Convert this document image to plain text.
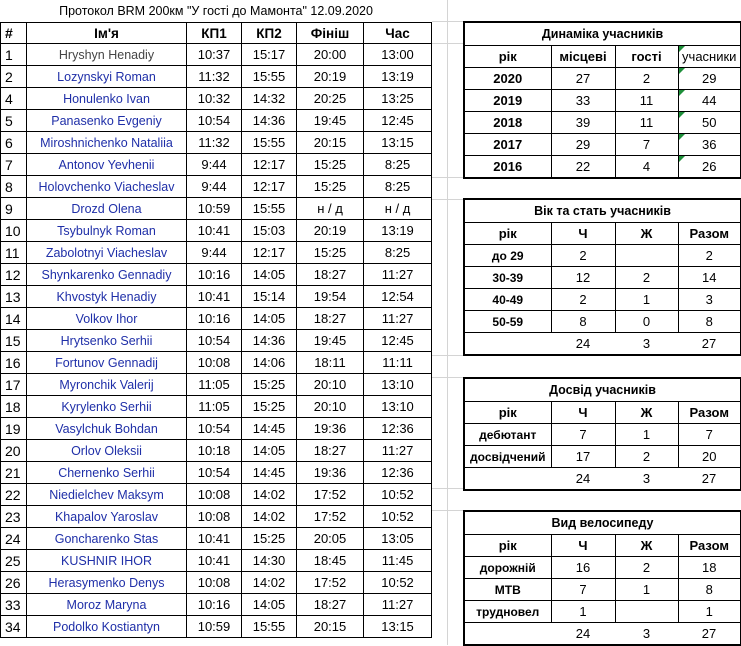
Протокол BRM 200км "У гості до Мамонта" 12.09.2020					
#	Ім'я	КП1	КП2	Фініш	Час
1	Hryshyn Henadiy	10:37	15:17	20:00	13:00
2	Lozynskyi Roman	11:32	15:55	20:19	13:19
4	Honulenko Ivan	10:32	14:32	20:25	13:25
5	Panasenko Evgeniy	10:54	14:36	19:45	12:45
6	Miroshnichenko Nataliia	11:32	15:55	20:15	13:15
7	Antonov Yevhenii	9:44	12:17	15:25	8:25
8	Holovchenko Viacheslav	9:44	12:17	15:25	8:25
9	Drozd Olena	10:59	15:55	н / д	н / д
10	Tsybulnyk Roman	10:41	15:03	20:19	13:19
11	Zabolotnyi Viacheslav	9:44	12:17	15:25	8:25
12	Shynkarenko Gennadiy	10:16	14:05	18:27	11:27
13	Khvostyk Henadiy	10:41	15:14	19:54	12:54
14	Volkov Ihor	10:16	14:05	18:27	11:27
15	Hrytsenko Serhii	10:54	14:36	19:45	12:45
16	Fortunov Gennadij	10:08	14:06	18:11	11:11
17	Myronchik Valerij	11:05	15:25	20:10	13:10
18	Kyrylenko Serhii	11:05	15:25	20:10	13:10
19	Vasylchuk Bohdan	10:54	14:45	19:36	12:36
20	Orlov Oleksii	10:18	14:05	18:27	11:27
21	Chernenko Serhii	10:54	14:45	19:36	12:36
22	Niedielchev Maksym	10:08	14:02	17:52	10:52
23	Khapalov Yaroslav	10:08	14:02	17:52	10:52
24	Goncharenko Stas	10:41	15:25	20:05	13:05
25	KUSHNIR IHOR	10:41	14:30	18:45	11:45
26	Herasymenko Denys	10:08	14:02	17:52	10:52
33	Moroz Maryna	10:16	14:05	18:27	11:27
34	Podolko Kostiantyn	10:59	15:55	20:15	13:15
Динаміка учасників			
рік	місцеві	гості	учасники
2020	27	2	29
2019	33	11	44
2018	39	11	50
2017	29	7	36
2016	22	4	26
Вік та стать учасників			
рік	Ч	Ж	Разом
до 29	2		2
30-39	12	2	14
40-49	2	1	3
50-59	8	0	8
	24	3	27
Досвід учасників			
рік	Ч	Ж	Разом
дебютант	7	1	7
досвідчений	17	2	20
	24	3	27
Вид велосипеду			
рік	Ч	Ж	Разом
дорожній	16	2	18
МТВ	7	1	8
трудновел	1		1
	24	3	27
